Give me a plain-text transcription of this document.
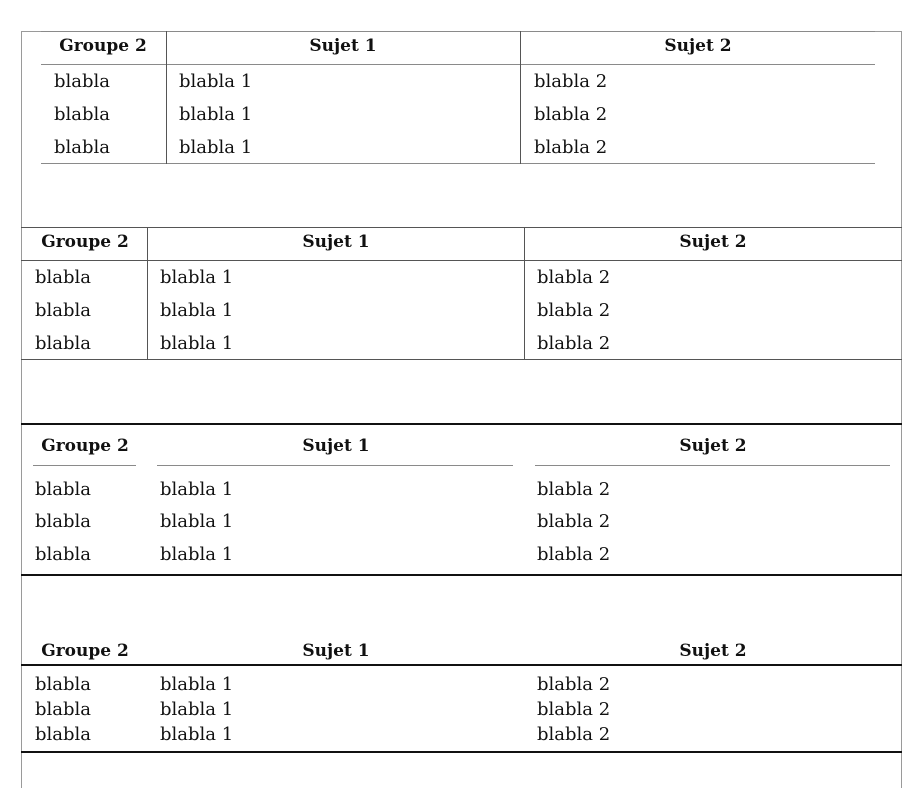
Groupe 2	Sujet 1	Sujet 2
blabla	blabla 1	blabla 2
blabla	blabla 1	blabla 2
blabla	blabla 1	blabla 2
Groupe 2	Sujet 1	Sujet 2
blabla	blabla 1	blabla 2
blabla	blabla 1	blabla 2
blabla	blabla 1	blabla 2
Groupe 2	Sujet 1	Sujet 2
blabla	blabla 1	blabla 2
blabla	blabla 1	blabla 2
blabla	blabla 1	blabla 2
Groupe 2	Sujet 1	Sujet 2
blabla	blabla 1	blabla 2
blabla	blabla 1	blabla 2
blabla	blabla 1	blabla 2
